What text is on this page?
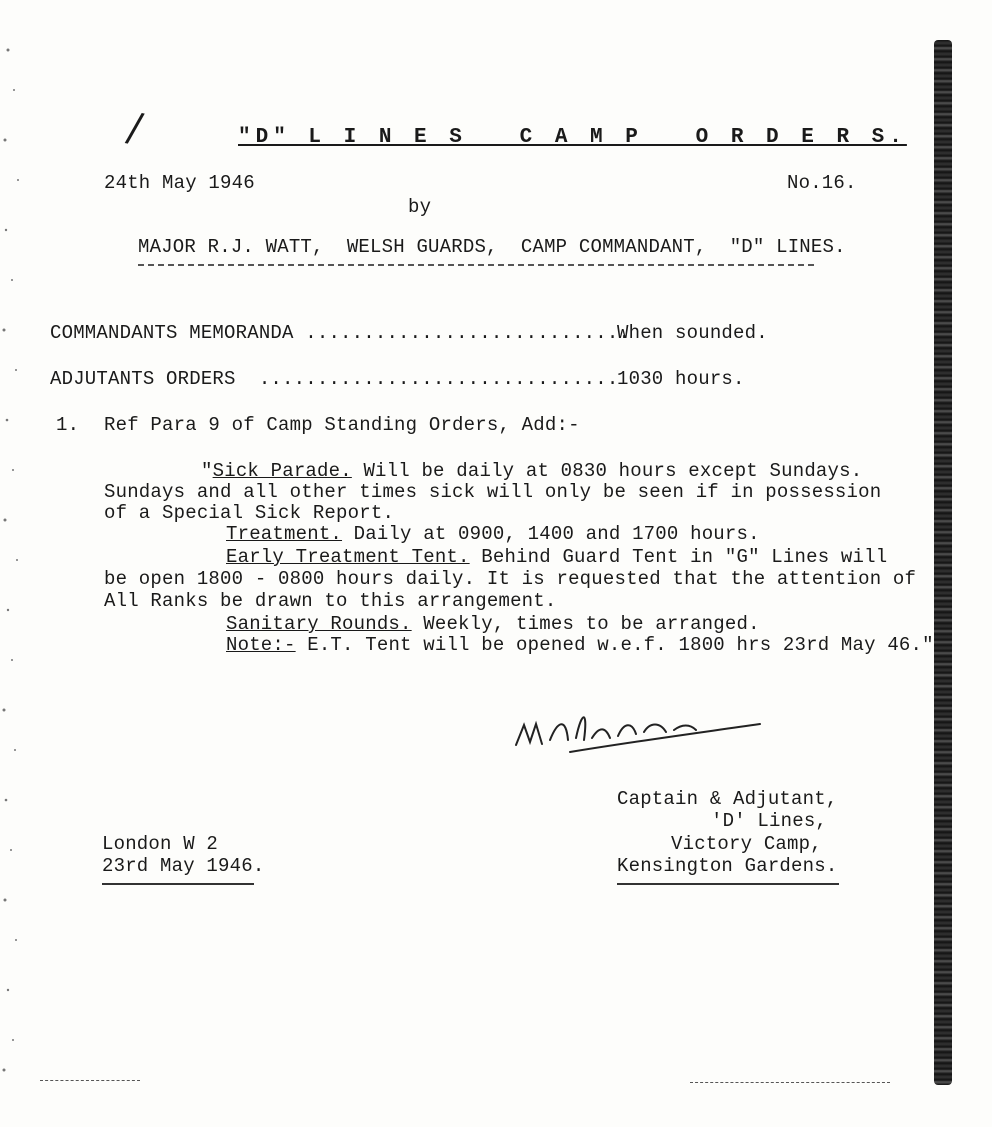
/	"D" L I N E S   C A M P   O R D E R S.
24th May 1946	No.16.
by
MAJOR R.J. WATT,  WELSH GUARDS,  CAMP COMMANDANT,  "D" LINES.
COMMANDANTS MEMORANDA ............................
When sounded.
ADJUTANTS ORDERS  ...............................
1030 hours.
1. Ref Para 9 of Camp Standing Orders, Add:-
"Sick Parade. Will be daily at 0830 hours except Sundays.
Sundays and all other times sick will only be seen if in possession
of a Special Sick Report.
Treatment. Daily at 0900, 1400 and 1700 hours.
Early Treatment Tent. Behind Guard Tent in "G" Lines will
be open 1800 - 0800 hours daily. It is requested that the attention of
All Ranks be drawn to this arrangement.
Sanitary Rounds. Weekly, times to be arranged.
Note:- E.T. Tent will be opened w.e.f. 1800 hrs 23rd May 46."
Captain & Adjutant,
'D' Lines,
Victory Camp,
Kensington Gardens.
London W 2
23rd May 1946.
